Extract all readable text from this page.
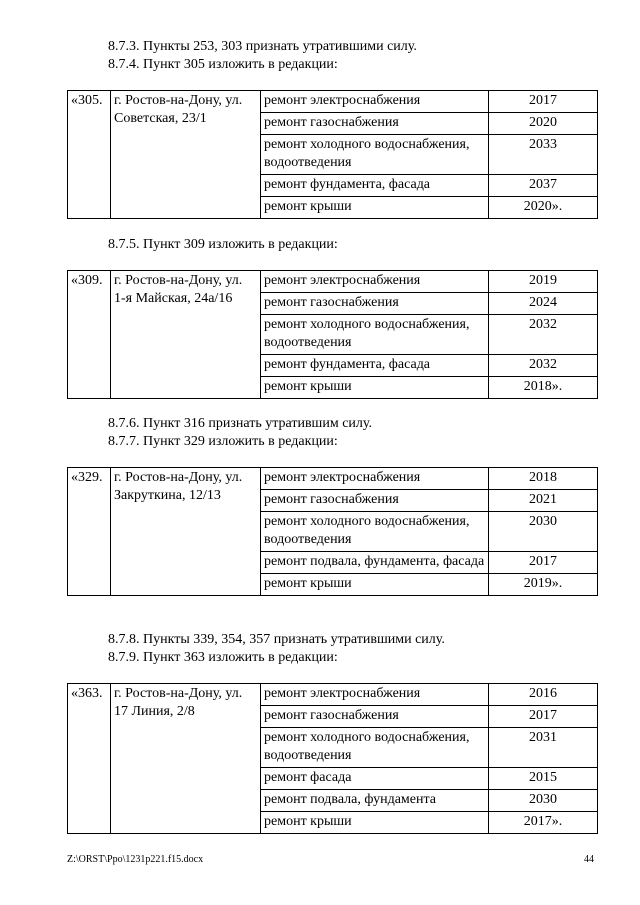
8.7.3. Пункты 253, 303 признать утратившими силу.
8.7.4. Пункт 305 изложить в редакции:
«305.	г. Ростов-на-Дону, ул. Советская, 23/1	ремонт электроснабжения	2017
		ремонт газоснабжения	2020
		ремонт холодного водоснабжения, водоотведения	2033
		ремонт фундамента, фасада	2037
		ремонт крыши	2020».
8.7.5. Пункт 309 изложить в редакции:
«309.	г. Ростов-на-Дону, ул. 1-я Майская, 24а/16	ремонт электроснабжения	2019
		ремонт газоснабжения	2024
		ремонт холодного водоснабжения, водоотведения	2032
		ремонт фундамента, фасада	2032
		ремонт крыши	2018».
8.7.6. Пункт 316 признать утратившим силу.
8.7.7. Пункт 329 изложить в редакции:
«329.	г. Ростов-на-Дону, ул. Закруткина, 12/13	ремонт электроснабжения	2018
		ремонт газоснабжения	2021
		ремонт холодного водоснабжения, водоотведения	2030
		ремонт подвала, фундамента, фасада	2017
		ремонт крыши	2019».
8.7.8. Пункты 339, 354, 357 признать утратившими силу.
8.7.9. Пункт 363 изложить в редакции:
«363.	г. Ростов-на-Дону, ул. 17 Линия, 2/8	ремонт электроснабжения	2016
		ремонт газоснабжения	2017
		ремонт холодного водоснабжения, водоотведения	2031
		ремонт фасада	2015
		ремонт подвала, фундамента	2030
		ремонт крыши	2017».
Z:\ORST\Ppo\1231p221.f15.docx	44
